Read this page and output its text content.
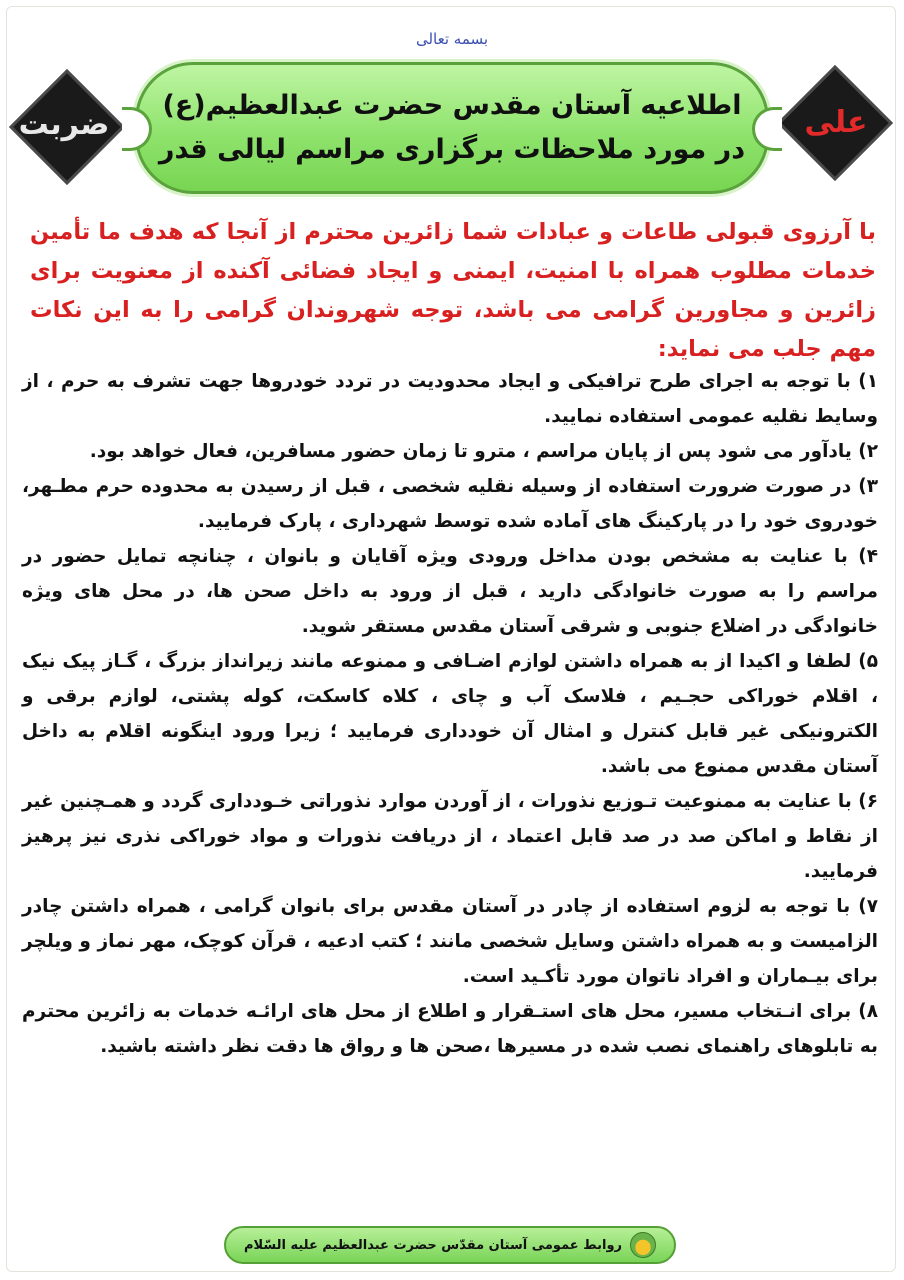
بسمه تعالی
ضربت	علی
اطلاعیه آستان مقدس حضرت عبدالعظیم(ع)
در مورد ملاحظات برگزاری مراسم لیالی قدر
با آرزوی قبولی طاعات و عبادات شما زائرین محترم از آنجا که هدف ما تأمین خدمات مطلوب همراه با امنیت، ایمنی و ایجاد فضائی آکنده از معنویت برای زائرین و مجاورین گرامی می باشد، توجه شهروندان گرامی را به این نکات مهم جلب می نماید:

۱) با توجه به اجرای طرح ترافیکی و ایجاد محدودیت در تردد خودروها جهت تشرف به حرم ، از وسایط نقلیه عمومی استفاده نمایید.

۲) یادآور می شود پس از پایان مراسم ، مترو تا زمان حضور مسافرین، فعال خواهد بود.

۳) در صورت ضرورت استفاده از وسیله نقلیه شخصی ، قبل از رسیدن به محدوده حرم مطـهر، خودروی خود را در پارکینگ های آماده شده توسط شهرداری ، پارک فرمایید.

۴) با عنایت به مشخص بودن مداخل ورودی ویژه آقایان و بانوان ، چنانچه تمایل حضور در مراسم را به صورت خانوادگی دارید ، قبل از ورود به داخل صحن ها، در محل های ویژه خانوادگی در اضلاع جنوبی و شرقی آستان مقدس مستقر شوید.

۵) لطفا و اکیدا از به همراه داشتن لوازم اضـافی و ممنوعه مانند زیرانداز بزرگ ، گـاز پیک نیک ، اقلام خوراکی حجـیم ، فلاسک آب و چای ، کلاه کاسکت، کوله پشتی، لوازم برقی و الکترونیکی غیر قابل کنترل و امثال آن خودداری فرمایید ؛ زیرا ورود اینگونه اقلام به داخل آستان مقدس ممنوع می باشد.

۶) با عنایت به ممنوعیت تـوزیع نذورات ، از آوردن موارد نذوراتی خـودداری گردد و همـچنین غیر از نقاط و اماکن صد در صد قابل اعتماد ، از دریافت نذورات و مواد خوراکی نذری نیز پرهیز فرمایید.

۷) با توجه به لزوم استفاده از چادر در آستان مقدس برای بانوان گرامی ، همراه داشتن چادر الزامیست و به همراه داشتن وسایل شخصی مانند ؛ کتب ادعیه ، قرآن کوچک، مهر نماز و ویلچر برای بیـماران و افراد ناتوان مورد تأکـید است.

۸) برای انـتخاب مسیر، محل های استـقرار و اطلاع از محل های ارائـه خدمات به زائرین محترم به تابلوهای راهنمای نصب شده در مسیرها ،صحن ها و رواق ها دقت نظر داشته باشید.

روابط عمومی آستان مقدّس حضرت عبدالعظیم علیه السّلام
